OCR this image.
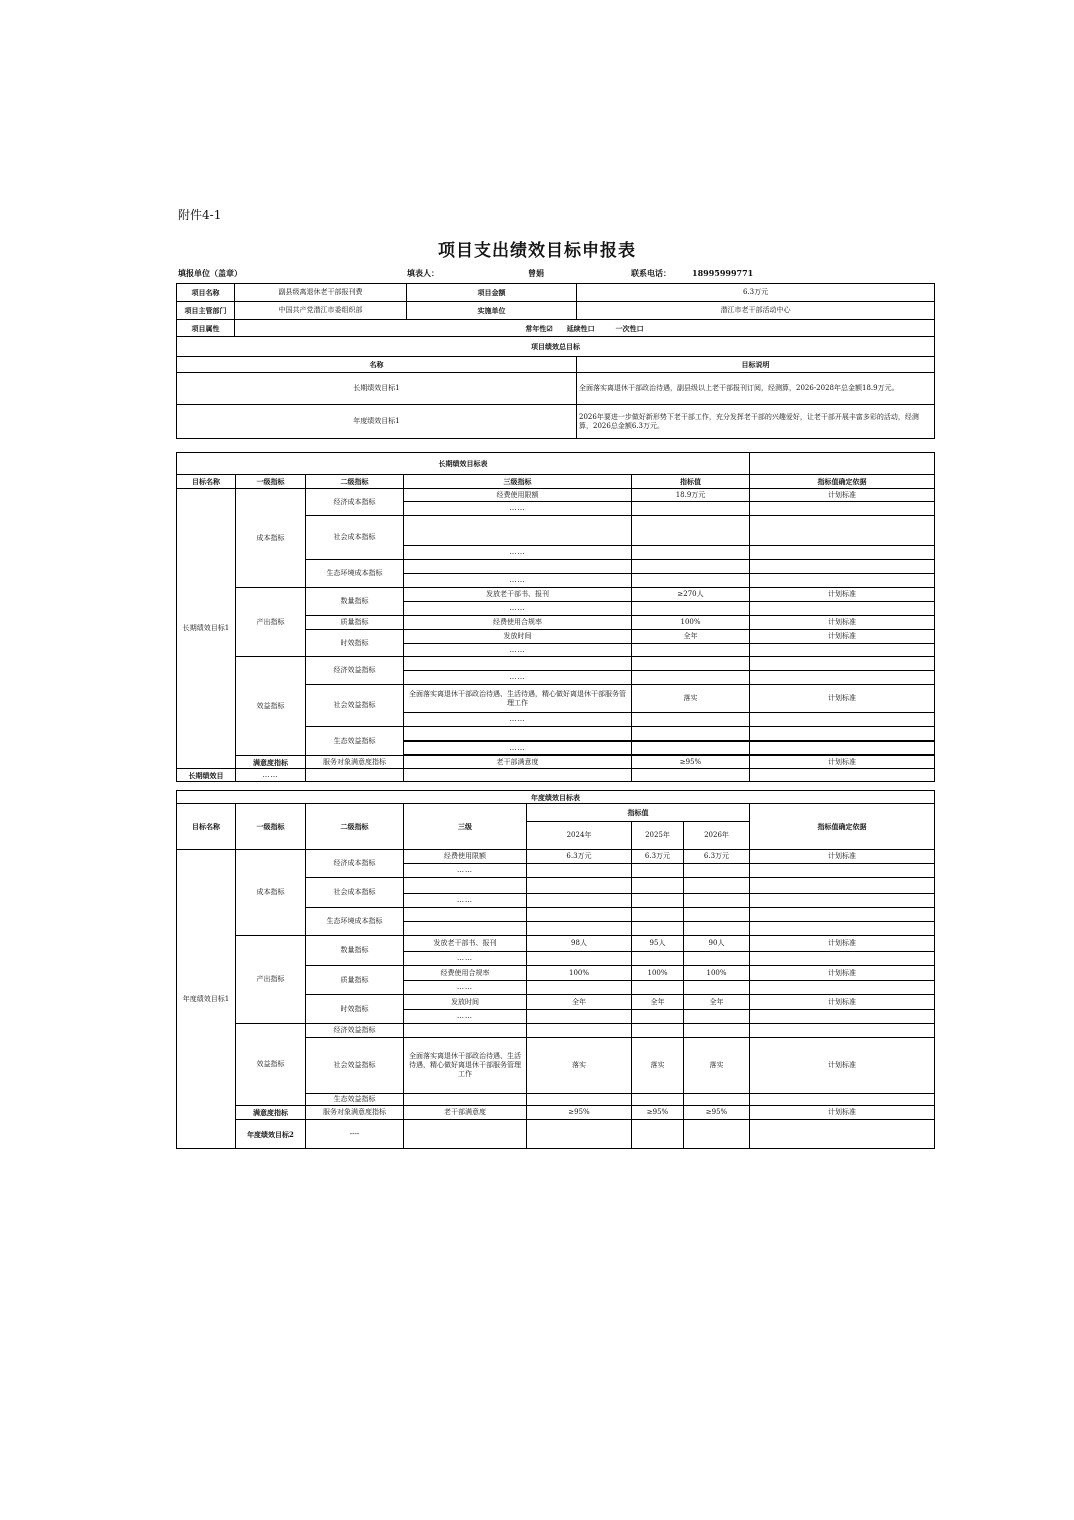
附件4-1
项目支出绩效目标申报表
填报单位（盖章）	填表人：	曾娟	联系电话：	18995999771
项目名称	副县级离退休老干部报刊费	项目金额	6.3万元
项目主管部门	中国共产党潜江市委组织部	实施单位	潜江市老干部活动中心
项目属性	常年性☑　　延续性口　　　一次性口		
项目绩效总目标			
名称			目标说明
长期绩效目标1			全面落实离退休干部政治待遇，副县级以上老干部报刊订阅，经测算，2026-2028年总金额18.9万元。
年度绩效目标1			2026年要进一步做好新形势下老干部工作，充分发挥老干部的兴趣爱好，让老干部开展丰富多彩的活动，经测算，2026总金额6.3万元。
长期绩效目标表					
目标名称	一级指标	二级指标	三级指标	指标值	指标值确定依据
长期绩效目标1	成本指标	经济成本指标	经费使用限额	18.9万元	计划标准
			……		
		社会成本指标			
			……		
		生态环境成本指标			
			……		
	产出指标	数量指标	发放老干部书、报刊	≥270人	计划标准
			……		
		质量指标	经费使用合规率	100%	计划标准
		时效指标	发放时间	全年	计划标准
			……		
	效益指标	经济效益指标			
			……		
		社会效益指标	全面落实离退休干部政治待遇、生活待遇，精心做好离退休干部服务管理工作	落实	计划标准
			……		
		生态效益指标			

			……		

	满意度指标	服务对象满意度指标	老干部满意度	≥95%	计划标准
长期绩效目	……				
年度绩效目标表								
目标名称	一级指标	二级指标	三级	指标值			指标值确定依据	
				2024年	2025年	2026年		
年度绩效目标1	成本指标	经济成本指标	经费使用限额	6.3万元	6.3万元	6.3万元	计划标准	
			……					
		社会成本指标						
			……					
		生态环境成本指标						

	产出指标	数量指标	发放老干部书、报刊	98人	95人	90人	计划标准	
			……					
		质量指标	经费使用合规率	100%	100%	100%	计划标准	
			……					
		时效指标	发放时间	全年	全年	全年	计划标准	
			……					
	效益指标	经济效益指标						
		社会效益指标	全面落实离退休干部政治待遇、生活待遇，精心做好离退休干部服务管理工作	落实	落实	落实	计划标准	
		生态效益指标						
	满意度指标	服务对象满意度指标	老干部满意度	≥95%	≥95%	≥95%	计划标准	
	年度绩效目标2	----						
